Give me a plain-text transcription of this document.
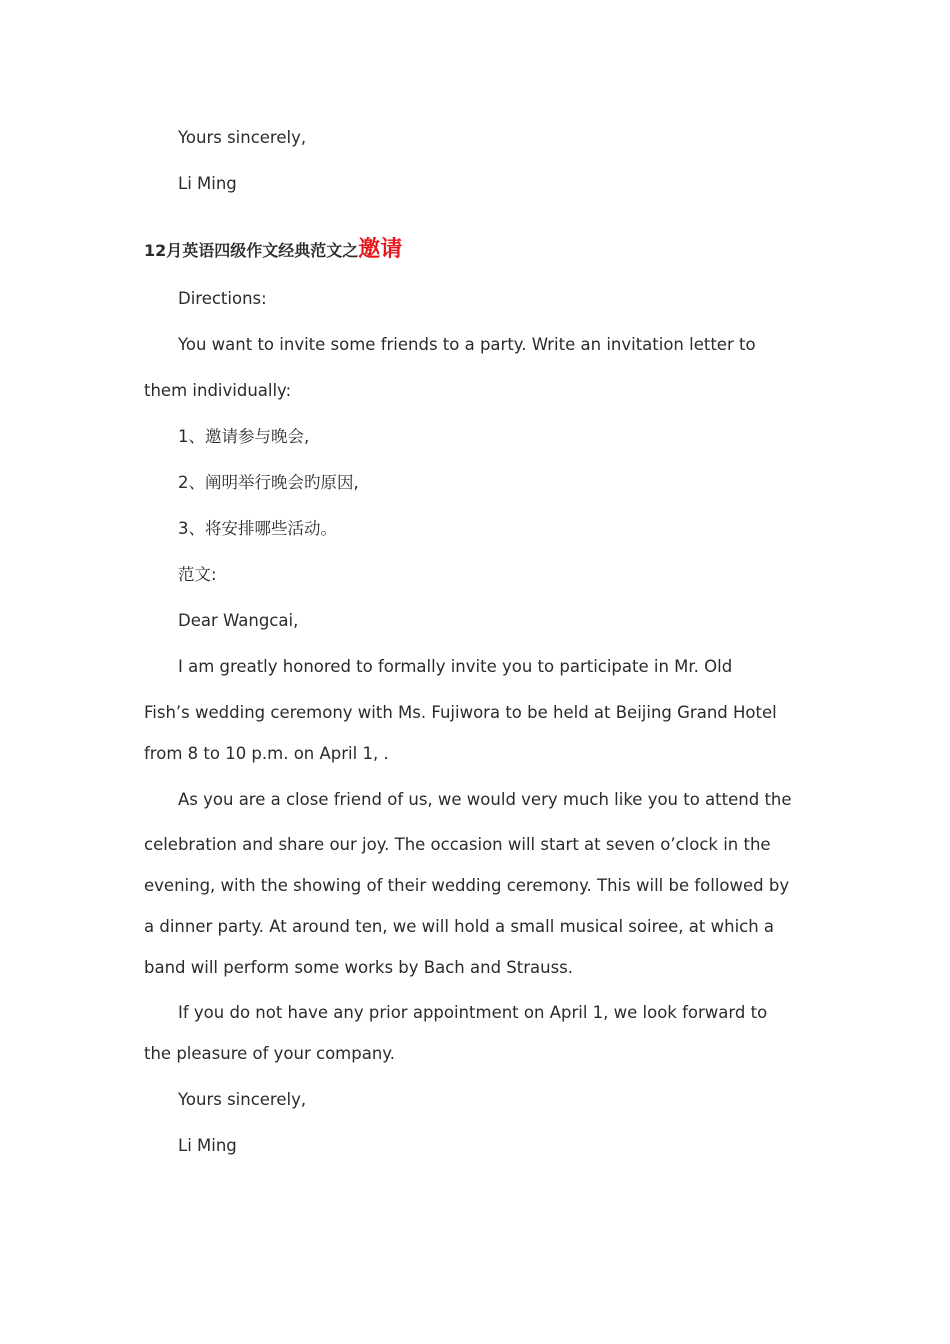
Yours sincerely,
Li Ming
12月英语四级作文经典范文之邀请
Directions:
You want to invite some friends to a party. Write an invitation letter to
them individually:
1、邀请参与晚会,
2、阐明举行晚会旳原因,
3、将安排哪些活动。
范文:
Dear Wangcai,
I am greatly honored to formally invite you to participate in Mr. Old
Fish’s wedding ceremony with Ms. Fujiwora to be held at Beijing Grand Hotel
from 8 to 10 p.m. on April 1, .
As you are a close friend of us, we would very much like you to attend the
celebration and share our joy. The occasion will start at seven o’clock in the
evening, with the showing of their wedding ceremony. This will be followed by
a dinner party. At around ten, we will hold a small musical soiree, at which a
band will perform some works by Bach and Strauss.
If you do not have any prior appointment on April 1, we look forward to
the pleasure of your company.
Yours sincerely,
Li Ming
